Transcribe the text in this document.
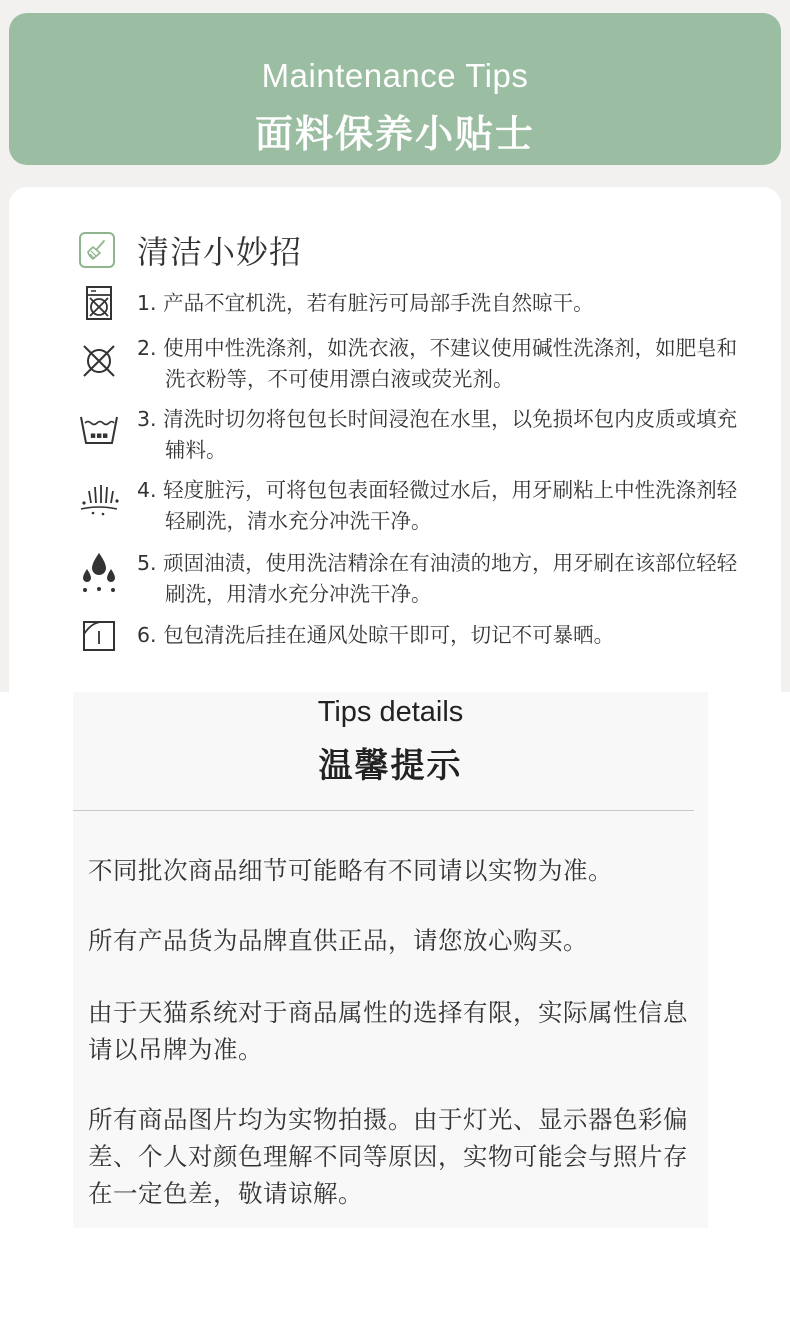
Maintenance Tips
面料保养小贴士
清洁小妙招
1. 产品不宜机洗，若有脏污可局部手洗自然晾干。
2. 使用中性洗涤剂，如洗衣液，不建议使用碱性洗涤剂，如肥皂和洗衣粉等，不可使用漂白液或荧光剂。
▪▪▪
3. 清洗时切勿将包包长时间浸泡在水里，以免损坏包内皮质或填充辅料。
4. 轻度脏污，可将包包表面轻微过水后，用牙刷粘上中性洗涤剂轻轻刷洗，清水充分冲洗干净。
5. 顽固油渍，使用洗洁精涂在有油渍的地方，用牙刷在该部位轻轻刷洗，用清水充分冲洗干净。
6. 包包清洗后挂在通风处晾干即可，切记不可暴晒。
Tips details
温馨提示
不同批次商品细节可能略有不同请以实物为准。
所有产品货为品牌直供正品，请您放心购买。
由于天猫系统对于商品属性的选择有限，实际属性信息请以吊牌为准。
所有商品图片均为实物拍摄。由于灯光、显示器色彩偏差、个人对颜色理解不同等原因，实物可能会与照片存在一定色差，敬请谅解。
